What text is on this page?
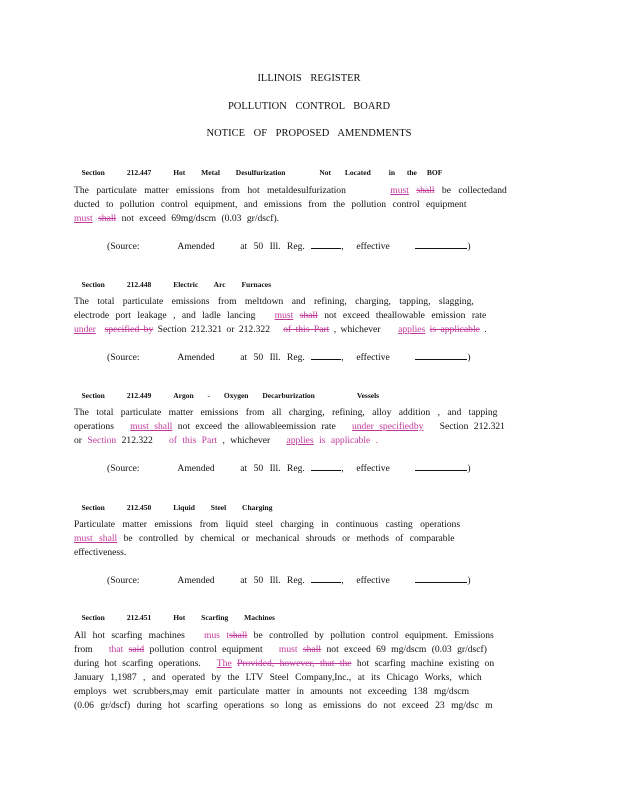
ILLINOIS REGISTER
POLLUTION CONTROL BOARD
NOTICE OF PROPOSED AMENDMENTS

Section	212.447	Hot Metal Desulfurization	Not Located in the BOF

The particulate matter emissions from hot metaldesulfurization	must shall be collectedand
ducted to pollution control equipment, and emissions from the pollution control equipment
must shall not exceed 69mg/dscm (0.03 gr/dscf).
(Source:	Amended	at 50 Ill. Reg.	,  effective	)

Section	212.448	Electric Arc Furnaces

The total particulate emissions from meltdown and refining, charging, tapping, slagging,
electrode port leakage , and ladle lancing must shall not exceed theallowable emission rate
under specified by Section 212.321 or 212.322 of this Part , whichever applies is applicable .
(Source:	Amended	at 50 Ill. Reg.	,  effective	)

Section	212.449	Argon - Oxygen Decarburization	Vessels

The total particulate matter emissions from all charging, refining, alloy addition , and tapping
operations must shall not exceed the allowableemission rate under specifiedby Section 212.321
or Section 212.322 of this Part , whichever applies is applicable .
(Source:	Amended	at 50 Ill. Reg.	,  effective	)

Section	212.450	Liquid Steel Charging

Particulate matter emissions from liquid steel charging in continuous casting operations
must shall be controlled by chemical or mechanical shrouds or methods of comparable
effectiveness.
(Source:	Amended	at 50 Ill. Reg.	,  effective	)

Section	212.451	Hot Scarfing Machines

All hot scarfing machines mus tshall be controlled by pollution control equipment. Emissions
from that said pollution control equipment must shall not exceed 69 mg/dscm (0.03 gr/dscf)
during hot scarfing operations. The Provided, however, that the hot scarfing machine existing on
January 1,1987 , and operated by the LTV Steel Company,Inc., at its Chicago Works, which
employs wet scrubbers,may emit particulate matter in amounts not exceeding 138 mg/dscm
(0.06 gr/dscf) during hot scarfing operations so long as emissions do not exceed 23 mg/dsc m
